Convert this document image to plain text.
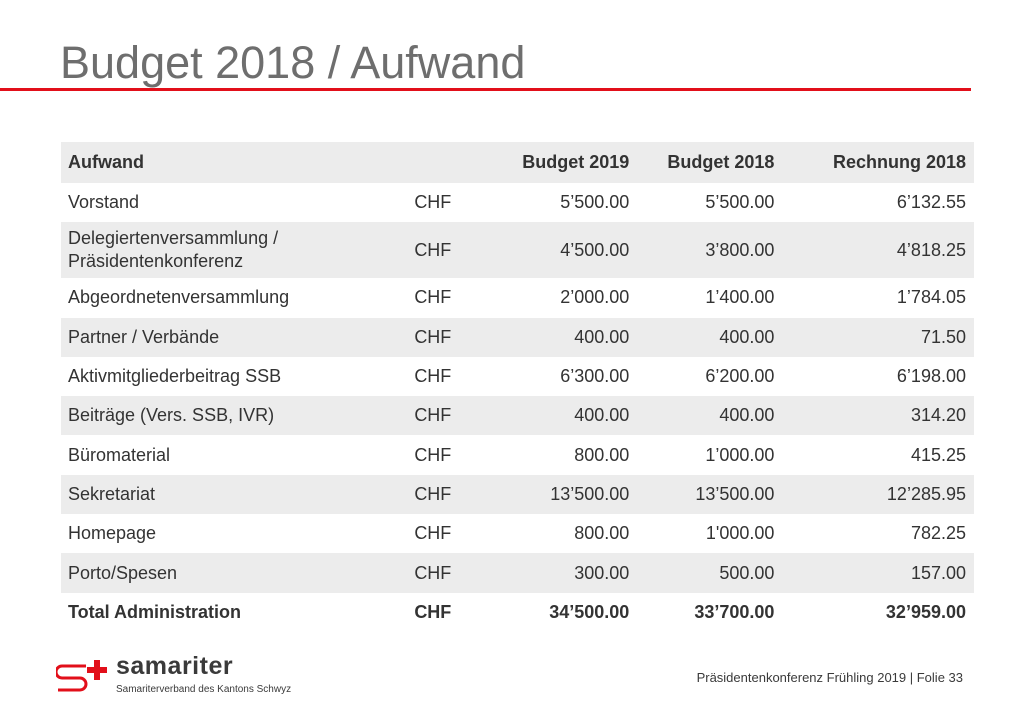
Budget 2018 / Aufwand
Aufwand		Budget 2019	Budget 2018	Rechnung 2018
Vorstand	CHF	5’500.00	5’500.00	6’132.55
Delegiertenversammlung / Präsidentenkonferenz	CHF	4’500.00	3’800.00	4’818.25
Abgeordnetenversammlung	CHF	2’000.00	1’400.00	1’784.05
Partner / Verbände	CHF	400.00	400.00	71.50
Aktivmitgliederbeitrag SSB	CHF	6’300.00	6’200.00	6’198.00
Beiträge (Vers. SSB, IVR)	CHF	400.00	400.00	314.20
Büromaterial	CHF	800.00	1’000.00	415.25
Sekretariat	CHF	13’500.00	13’500.00	12’285.95
Homepage	CHF	800.00	1'000.00	782.25
Porto/Spesen	CHF	300.00	500.00	157.00
Total Administration	CHF	34’500.00	33’700.00	32’959.00
samariter
Samariterverband des Kantons Schwyz
Präsidentenkonferenz Frühling 2019 | Folie 33
